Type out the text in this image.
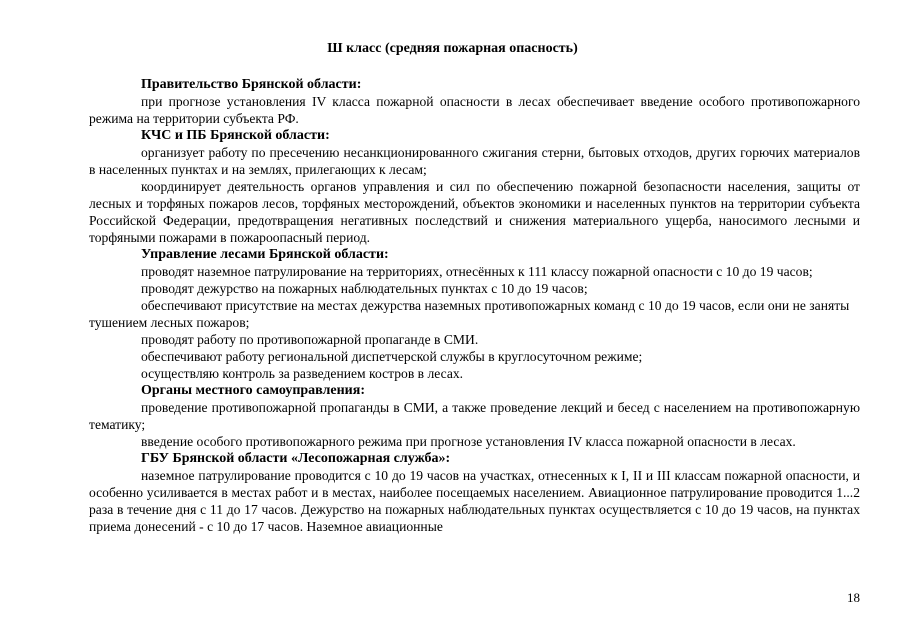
Ш класс (средняя пожарная опасность)

Правительство Брянской области:

при прогнозе установления IV класса пожарной опасности в лесах обеспечивает введение особого противопожарного режима на территории субъекта РФ.

КЧС и ПБ Брянской области:

организует работу по пресечению несанкционированного сжигания стерни, бытовых отходов, других горючих материалов в населенных пунктах и на землях, прилегающих к лесам;

координирует деятельность органов управления и сил по обеспечению пожарной безопасности населения, защиты от лесных и торфяных пожаров лесов, торфяных месторождений, объектов экономики и населенных пунктов на территории субъекта Российской Федерации, предотвращения негативных последствий и снижения материального ущерба, наносимого лесными и торфяными пожарами в пожароопасный период.

Управление лесами Брянской области:

проводят наземное патрулирование на территориях, отнесённых к 111 классу пожарной опасности с 10 до 19 часов;

проводят дежурство на пожарных наблюдательных пунктах с 10 до 19 часов;

обеспечивают присутствие на местах дежурства наземных противопожарных команд с 10 до 19 часов, если они не заняты тушением лесных пожаров;

проводят работу по противопожарной пропаганде в СМИ.

обеспечивают работу региональной диспетчерской службы в круглосуточном режиме;

осуществляю контроль за разведением костров в лесах.

Органы местного самоуправления:

проведение противопожарной пропаганды в СМИ, а также проведение лекций и бесед с населением на противопожарную тематику;

введение особого противопожарного режима при прогнозе установления IV класса пожарной опасности в лесах.

ГБУ Брянской области «Лесопожарная служба»:

наземное патрулирование проводится с 10 до 19 часов на участках, отнесенных к I, II и III классам пожарной опасности, и особенно усиливается в местах работ и в местах, наиболее посещаемых населением. Авиационное патрулирование проводится 1...2 раза в течение дня с 11 до 17 часов. Дежурство на пожарных наблюдательных пунктах осуществляется с 10 до 19 часов, на пунктах приема донесений - с 10 до 17 часов. Наземное авиационные

18
